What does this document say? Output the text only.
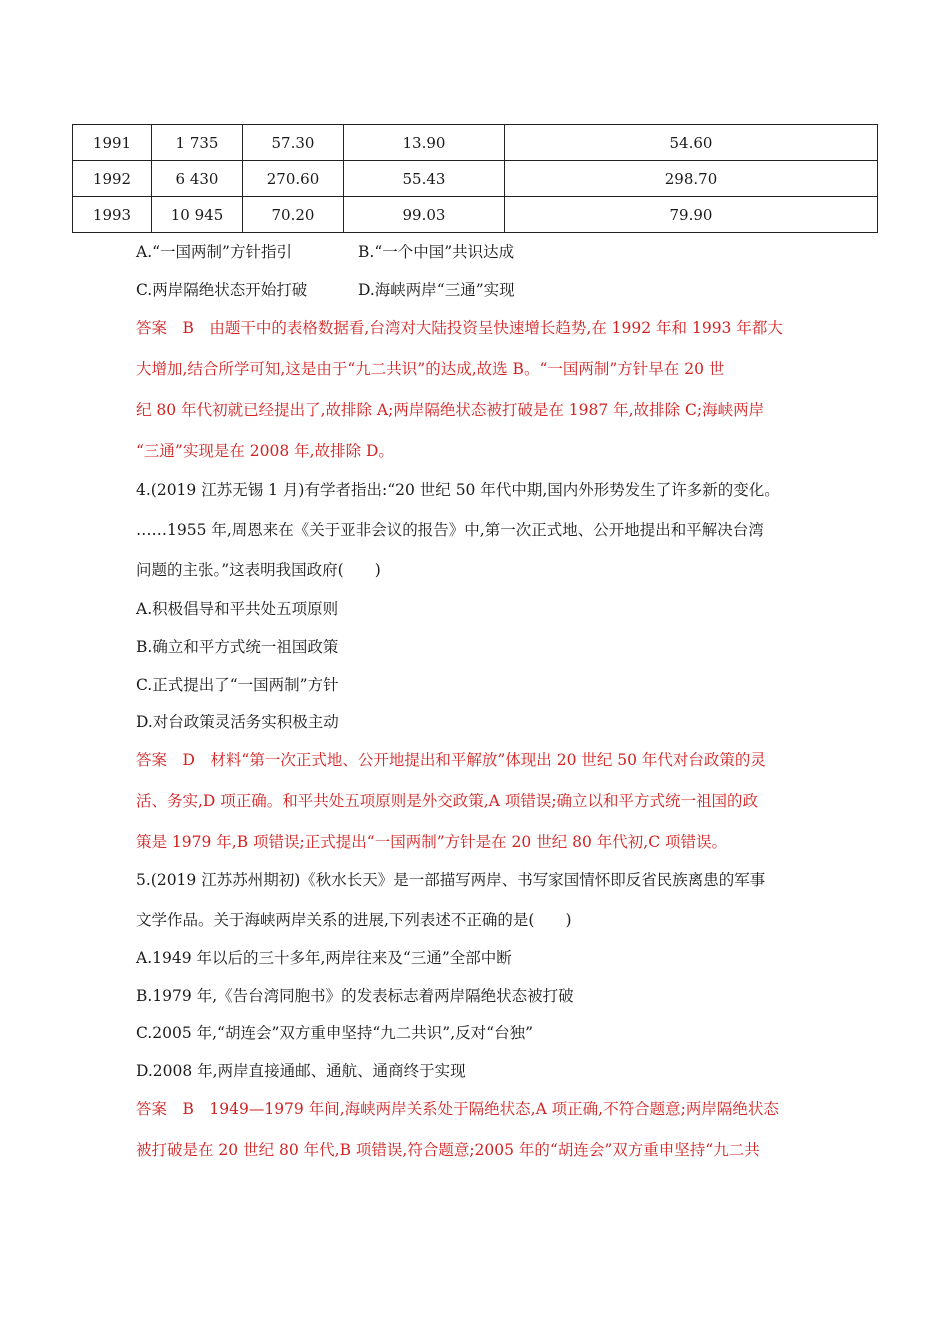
1991	1 735	57.30	13.90	54.60
1992	6 430	270.60	55.43	298.70
1993	10 945	70.20	99.03	79.90
A.“一国两制”方针指引	B.“一个中国”共识达成
C.两岸隔绝状态开始打破	D.海峡两岸“三通”实现
答案　B　由题干中的表格数据看,台湾对大陆投资呈快速增长趋势,在 1992 年和 1993 年都大
大增加,结合所学可知,这是由于“九二共识”的达成,故选 B。“一国两制”方针早在 20 世
纪 80 年代初就已经提出了,故排除 A;两岸隔绝状态被打破是在 1987 年,故排除 C;海峡两岸
“三通”实现是在 2008 年,故排除 D。
4.(2019 江苏无锡 1 月)有学者指出:“20 世纪 50 年代中期,国内外形势发生了许多新的变化。
……1955 年,周恩来在《关于亚非会议的报告》中,第一次正式地、公开地提出和平解决台湾
问题的主张。”这表明我国政府(　　)
A.积极倡导和平共处五项原则
B.确立和平方式统一祖国政策
C.正式提出了“一国两制”方针
D.对台政策灵活务实积极主动
答案　D　材料“第一次正式地、公开地提出和平解放”体现出 20 世纪 50 年代对台政策的灵
活、务实,D 项正确。和平共处五项原则是外交政策,A 项错误;确立以和平方式统一祖国的政
策是 1979 年,B 项错误;正式提出“一国两制”方针是在 20 世纪 80 年代初,C 项错误。
5.(2019 江苏苏州期初)《秋水长天》是一部描写两岸、书写家国情怀即反省民族离患的军事
文学作品。关于海峡两岸关系的进展,下列表述不正确的是(　　)
A.1949 年以后的三十多年,两岸往来及“三通”全部中断
B.1979 年,《告台湾同胞书》的发表标志着两岸隔绝状态被打破
C.2005 年,“胡连会”双方重申坚持“九二共识”,反对“台独”
D.2008 年,两岸直接通邮、通航、通商终于实现
答案　B　1949—1979 年间,海峡两岸关系处于隔绝状态,A 项正确,不符合题意;两岸隔绝状态
被打破是在 20 世纪 80 年代,B 项错误,符合题意;2005 年的“胡连会”双方重申坚持“九二共
